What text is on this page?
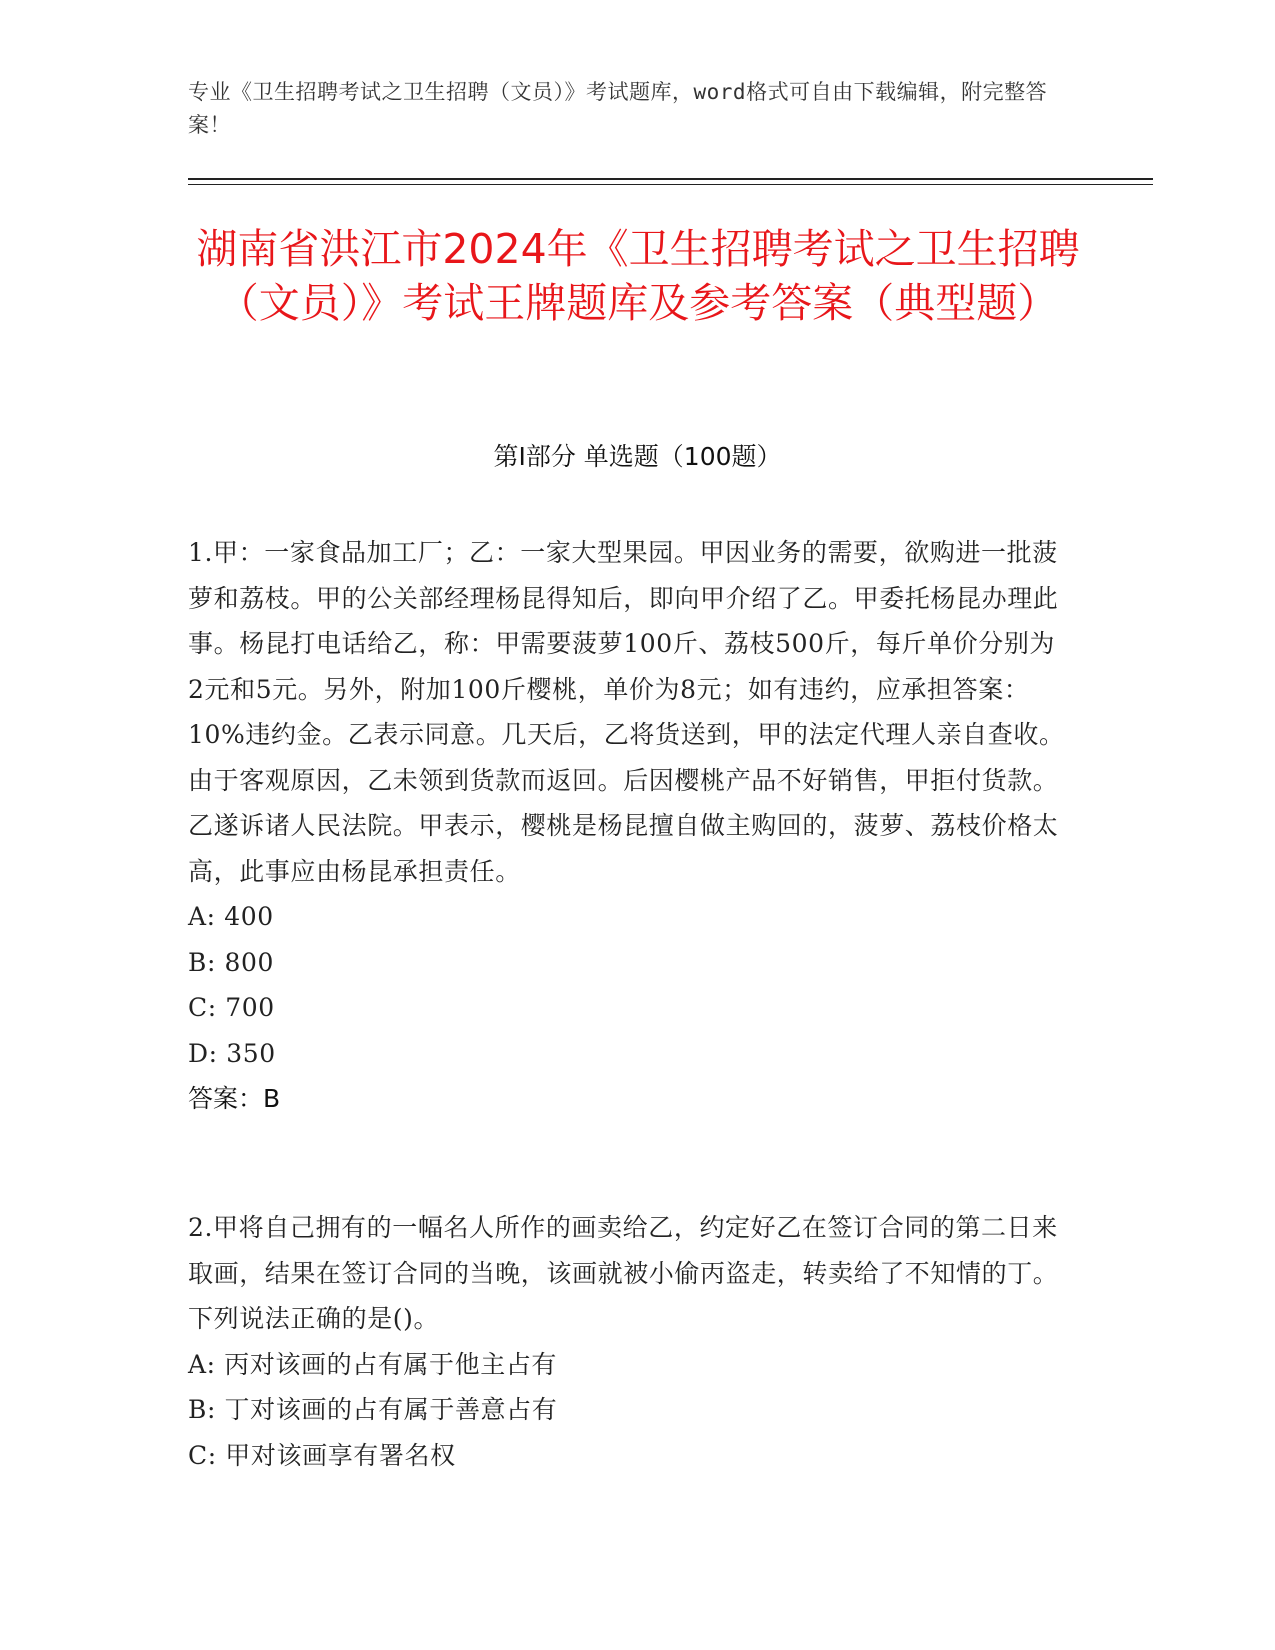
专业《卫生招聘考试之卫生招聘（文员）》考试题库，word格式可自由下载编辑，附完整答案！
湖南省洪江市2024年《卫生招聘考试之卫生招聘（文员）》考试王牌题库及参考答案（典型题）
第Ⅰ部分 单选题（100题）

1.甲：一家食品加工厂；乙：一家大型果园。甲因业务的需要，欲购进一批菠萝和荔枝。甲的公关部经理杨昆得知后，即向甲介绍了乙。甲委托杨昆办理此事。杨昆打电话给乙，称：甲需要菠萝100斤、荔枝500斤，每斤单价分别为2元和5元。另外，附加100斤樱桃，单价为8元；如有违约，应承担答案：10%违约金。乙表示同意。几天后，乙将货送到，甲的法定代理人亲自查收。由于客观原因，乙未领到货款而返回。后因樱桃产品不好销售，甲拒付货款。乙遂诉诸人民法院。甲表示，樱桃是杨昆擅自做主购回的，菠萝、荔枝价格太高，此事应由杨昆承担责任。

A: 400

B: 800

C: 700

D: 350

答案：B

2.甲将自己拥有的一幅名人所作的画卖给乙，约定好乙在签订合同的第二日来取画，结果在签订合同的当晚，该画就被小偷丙盗走，转卖给了不知情的丁。下列说法正确的是()。

A: 丙对该画的占有属于他主占有

B: 丁对该画的占有属于善意占有

C: 甲对该画享有署名权
